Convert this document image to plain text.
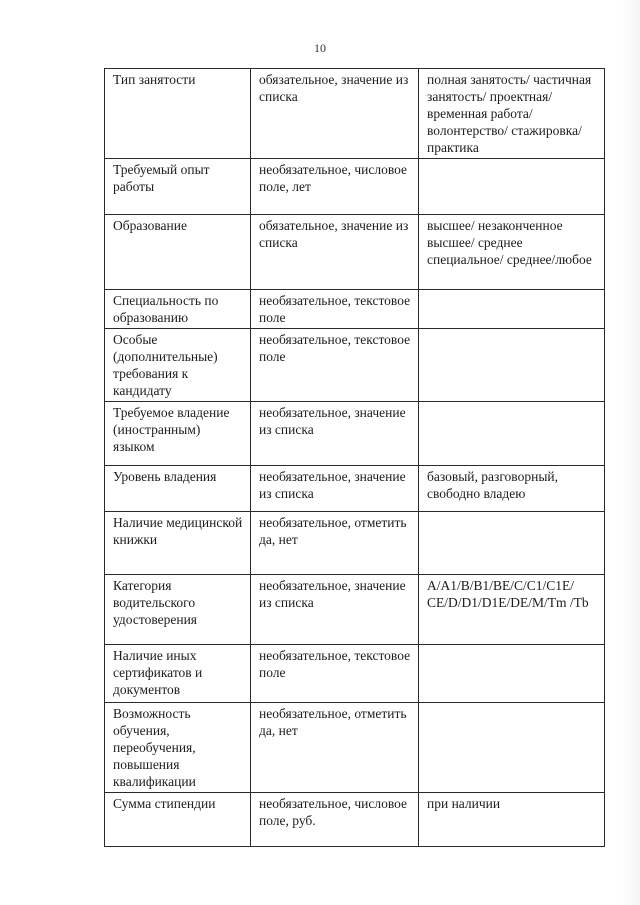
10
Тип занятости	обязательное, значение из списка	полная занятость/ частичная занятость/ проектная/ временная работа/ волонтерство/ стажировка/ практика
Требуемый опыт работы	необязательное, числовое поле, лет	
Образование	обязательное, значение из списка	высшее/ незаконченное высшее/ среднее специальное/ среднее/любое
Специальность по образованию	необязательное, текстовое поле	
Особые (дополнительные) требования к кандидату	необязательное, текстовое поле	
Требуемое владение (иностранным) языком	необязательное, значение из списка	
Уровень владения	необязательное, значение из списка	базовый, разговорный, свободно владею
Наличие медицинской книжки	необязательное, отметить да, нет	
Категория водительского удостоверения	необязательное, значение из списка	A/A1/B/B1/BE/C/C1/C1E/ CE/D/D1/D1E/DE/M/Tm /Tb
Наличие иных сертификатов и документов	необязательное, текстовое поле	
Возможность обучения, переобучения, повышения квалификации	необязательное, отметить да, нет	
Сумма стипендии	необязательное, числовое поле, руб.	при наличии
